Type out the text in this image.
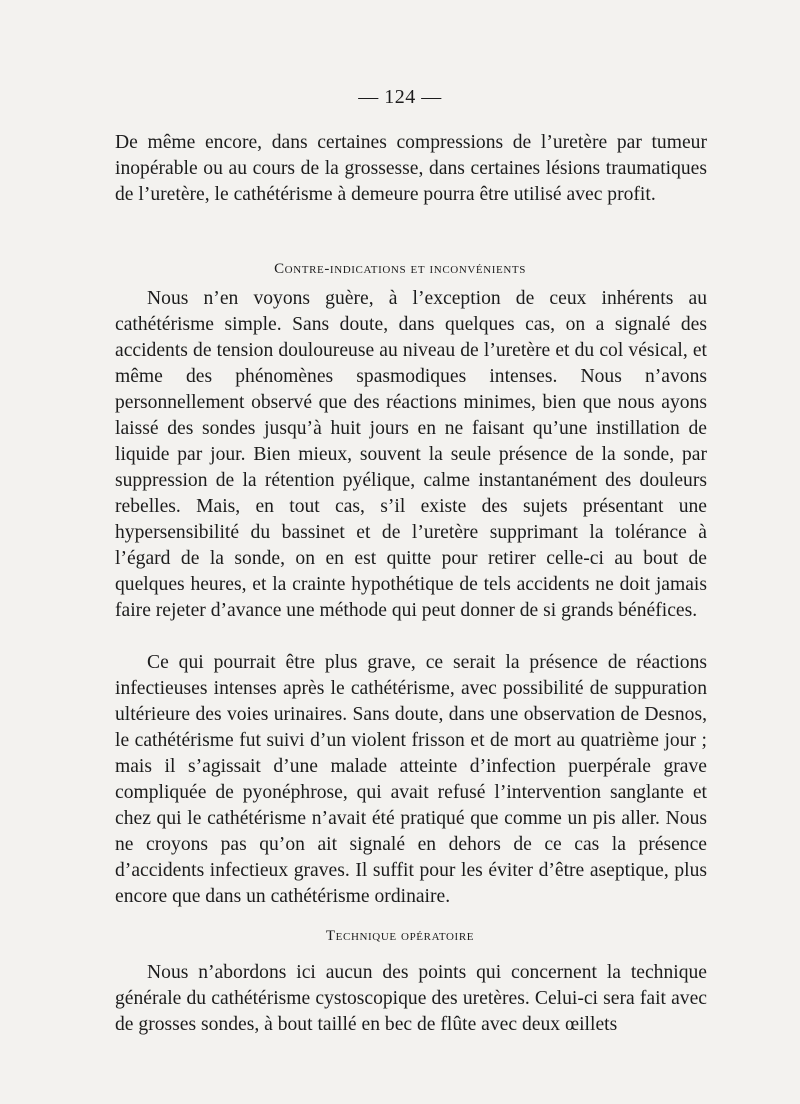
— 124 —

De même encore, dans certaines compressions de l’uretère par tumeur inopérable ou au cours de la grossesse, dans certaines lésions traumatiques de l’uretère, le cathétérisme à demeure pourra être utilisé avec profit.

Contre-indications et inconvénients

Nous n’en voyons guère, à l’exception de ceux inhérents au cathétérisme simple. Sans doute, dans quelques cas, on a signalé des accidents de tension douloureuse au niveau de l’uretère et du col vésical, et même des phénomènes spasmodiques intenses. Nous n’avons personnellement observé que des réactions minimes, bien que nous ayons laissé des sondes jusqu’à huit jours en ne faisant qu’une instillation de liquide par jour. Bien mieux, souvent la seule présence de la sonde, par suppression de la rétention pyélique, calme instantanément des douleurs rebelles. Mais, en tout cas, s’il existe des sujets présentant une hypersensibilité du bassinet et de l’uretère supprimant la tolérance à l’égard de la sonde, on en est quitte pour retirer celle-ci au bout de quelques heures, et la crainte hypothétique de tels accidents ne doit jamais faire rejeter d’avance une méthode qui peut donner de si grands bénéfices.

Ce qui pourrait être plus grave, ce serait la présence de réactions infectieuses intenses après le cathétérisme, avec possibilité de suppuration ultérieure des voies urinaires. Sans doute, dans une observation de Desnos, le cathétérisme fut suivi d’un violent frisson et de mort au quatrième jour ; mais il s’agissait d’une malade atteinte d’infection puerpérale grave compliquée de pyonéphrose, qui avait refusé l’intervention sanglante et chez qui le cathétérisme n’avait été pratiqué que comme un pis aller. Nous ne croyons pas qu’on ait signalé en dehors de ce cas la présence d’accidents infectieux graves. Il suffit pour les éviter d’être aseptique, plus encore que dans un cathétérisme ordinaire.

Technique opératoire

Nous n’abordons ici aucun des points qui concernent la technique générale du cathétérisme cystoscopique des uretères. Celui-ci sera fait avec de grosses sondes, à bout taillé en bec de flûte avec deux œillets
